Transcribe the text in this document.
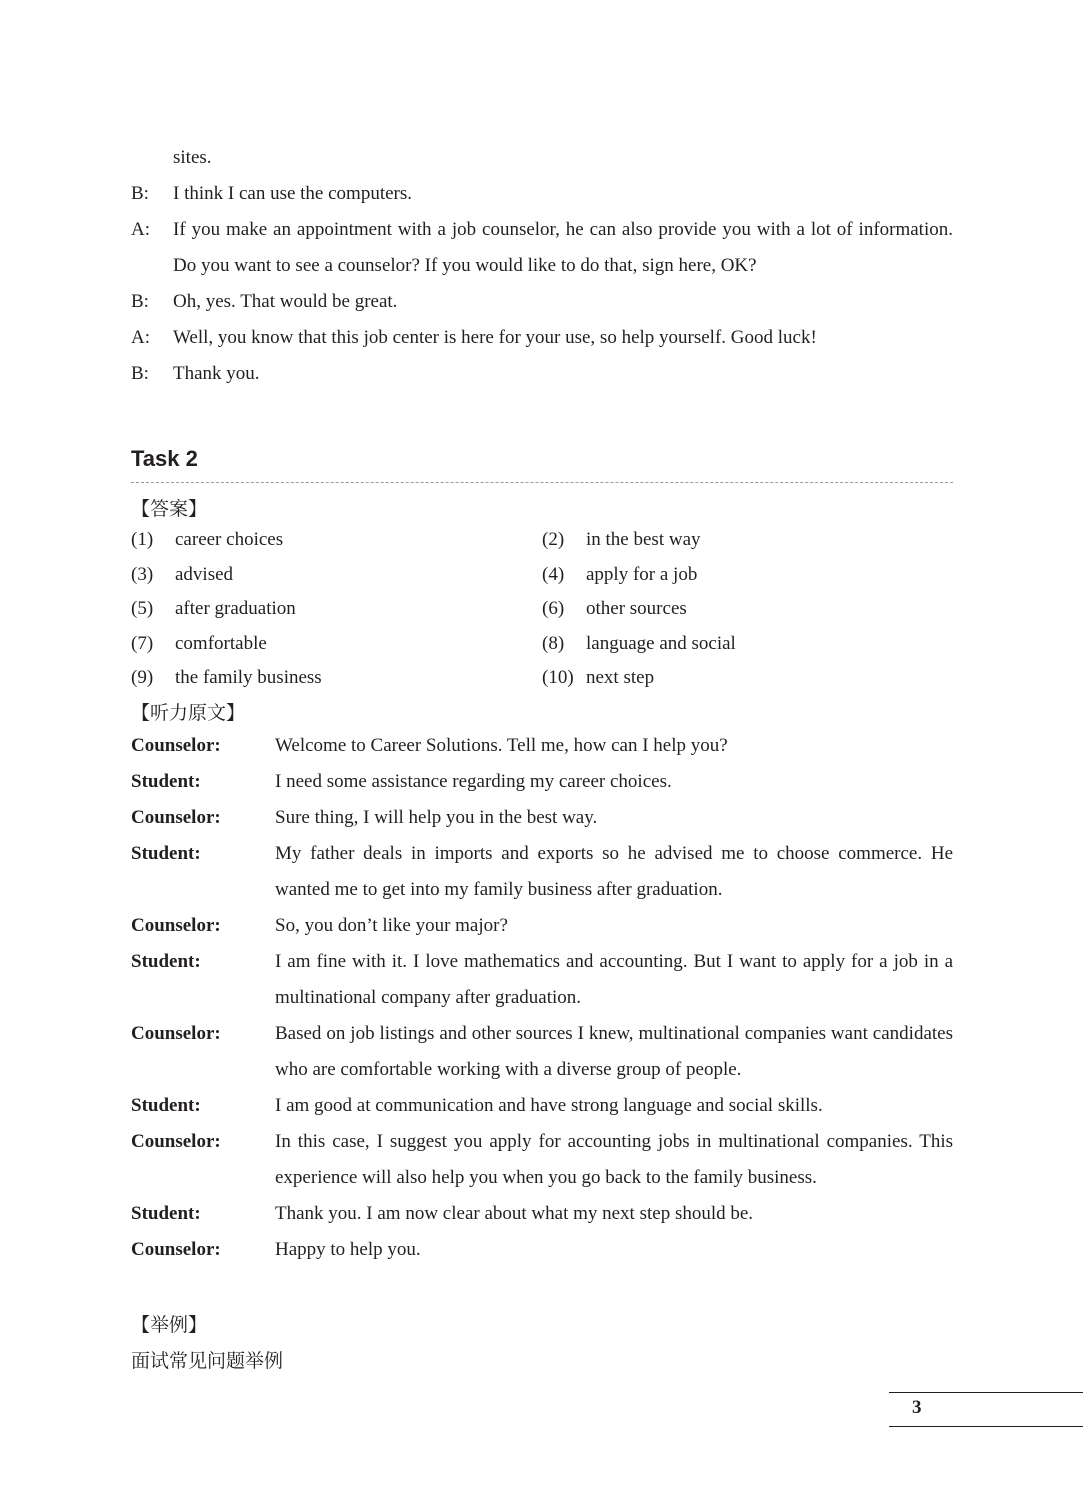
sites.
B:	I think I can use the computers.
A:	If you make an appointment with a job counselor, he can also provide you with a lot of information. Do you want to see a counselor? If you would like to do that, sign here, OK?
B:	Oh, yes. That would be great.
A:	Well, you know that this job center is here for your use, so help yourself. Good luck!
B:	Thank you.
Task 2
【答案】
(1)	career choices	(2)	in the best way
(3)	advised	(4)	apply for a job
(5)	after graduation	(6)	other sources
(7)	comfortable	(8)	language and social
(9)	the family business	(10) next step
【听力原文】
Counselor:	Welcome to Career Solutions. Tell me, how can I help you?
Student:	I need some assistance regarding my career choices.
Counselor:	Sure thing, I will help you in the best way.
Student:	My father deals in imports and exports so he advised me to choose commerce. He wanted me to get into my family business after graduation.
Counselor:	So, you don’t like your major?
Student:	I am fine with it. I love mathematics and accounting. But I want to apply for a job in a multinational company after graduation.
Counselor:	Based on job listings and other sources I knew, multinational companies want candidates who are comfortable working with a diverse group of people.
Student:	I am good at communication and have strong language and social skills.
Counselor:	In this case, I suggest you apply for accounting jobs in multinational companies. This experience will also help you when you go back to the family business.
Student:	Thank you. I am now clear about what my next step should be.
Counselor:	Happy to help you.
【举例】
面试常见问题举例
3
